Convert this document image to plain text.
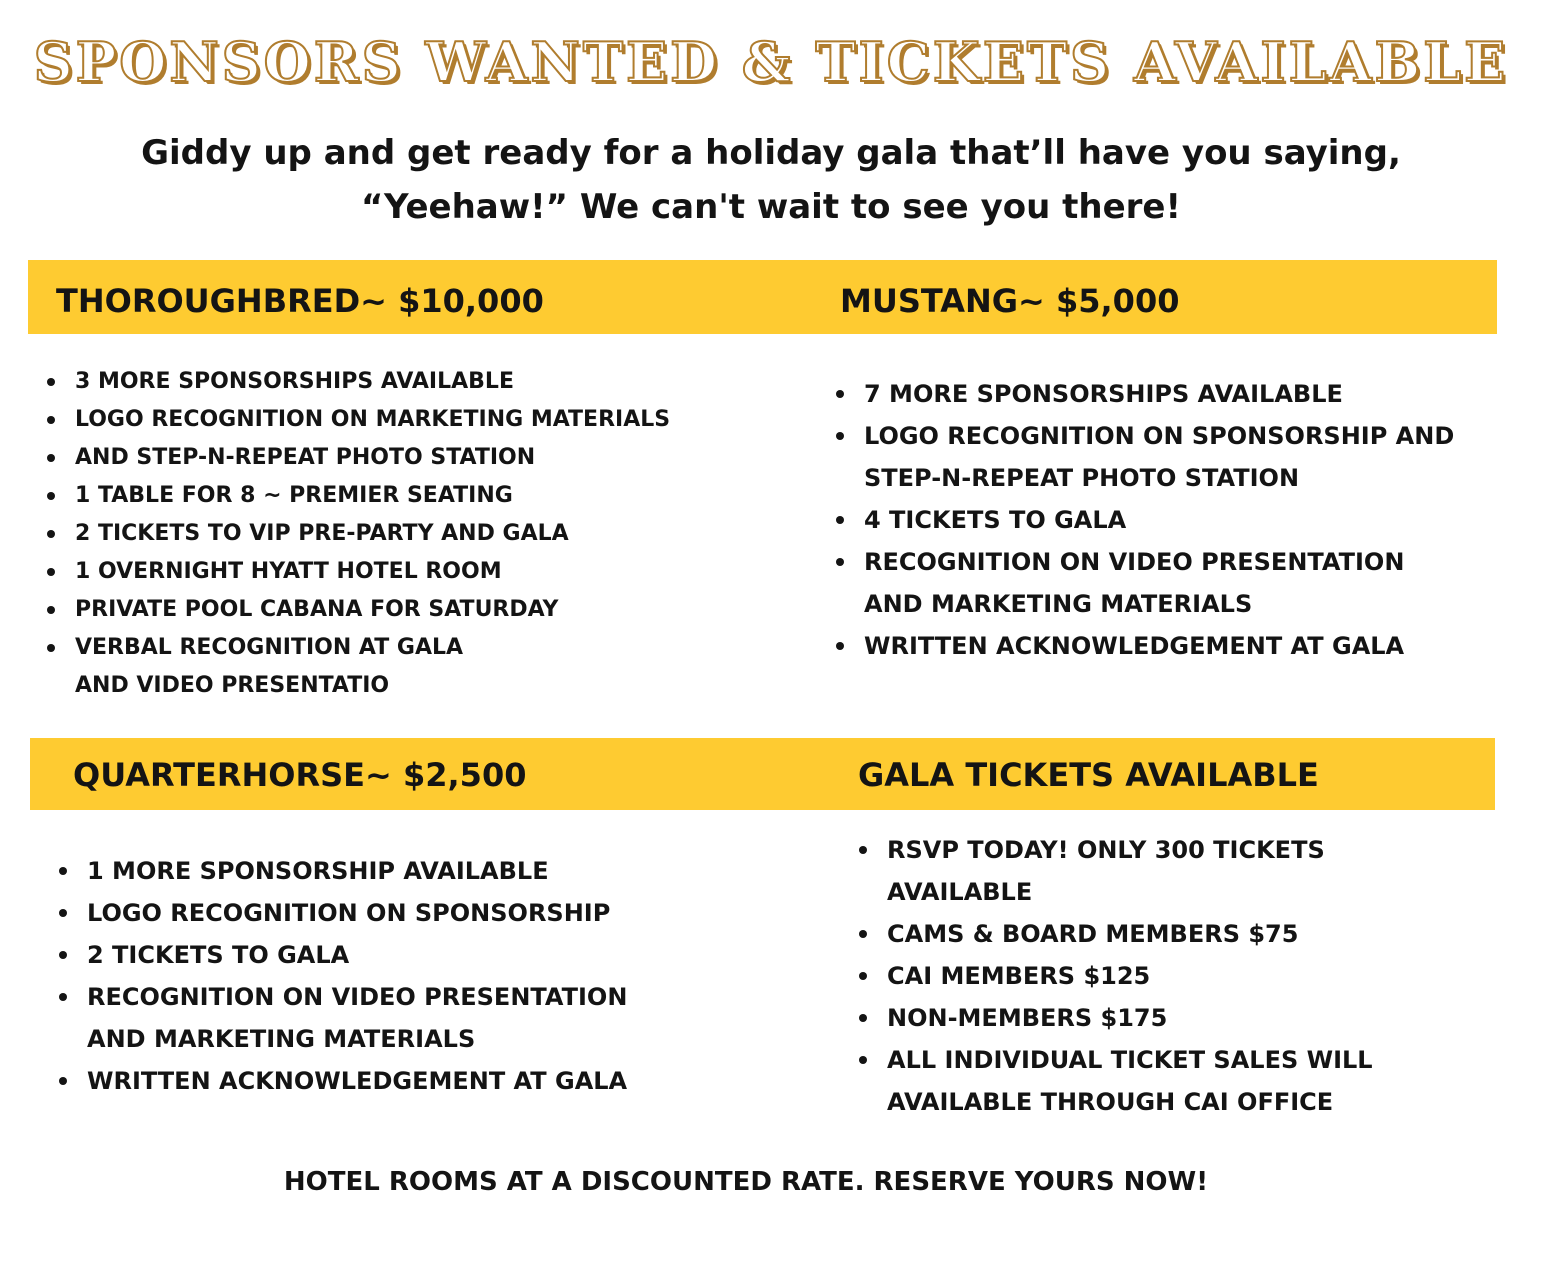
SPONSORS WANTED & TICKETS AVAILABLE

Giddy up and get ready for a holiday gala that’ll have you saying,

“Yeehaw!” We can't wait to see you there!

THOROUGHBRED~ $10,000	MUSTANG~ $5,000
QUARTERHORSE~ $2,500	GALA TICKETS AVAILABLE
3 MORE SPONSORSHIPS AVAILABLE
LOGO RECOGNITION ON MARKETING MATERIALS
AND STEP-N-REPEAT PHOTO STATION
1 TABLE FOR 8 ~ PREMIER SEATING
2 TICKETS TO VIP PRE-PARTY AND GALA
1 OVERNIGHT HYATT HOTEL ROOM
PRIVATE POOL CABANA FOR SATURDAY
VERBAL RECOGNITION AT GALA
AND VIDEO PRESENTATIO
7 MORE SPONSORSHIPS AVAILABLE
LOGO RECOGNITION ON SPONSORSHIP AND
STEP-N-REPEAT PHOTO STATION
4 TICKETS TO GALA
RECOGNITION ON VIDEO PRESENTATION
AND MARKETING MATERIALS
WRITTEN ACKNOWLEDGEMENT AT GALA
1 MORE SPONSORSHIP AVAILABLE
LOGO RECOGNITION ON SPONSORSHIP
2 TICKETS TO GALA
RECOGNITION ON VIDEO PRESENTATION
AND MARKETING MATERIALS
WRITTEN ACKNOWLEDGEMENT AT GALA
RSVP TODAY! ONLY 300 TICKETS
AVAILABLE
CAMS & BOARD MEMBERS $75
CAI MEMBERS $125
NON-MEMBERS $175
ALL INDIVIDUAL TICKET SALES WILL
AVAILABLE THROUGH CAI OFFICE

HOTEL ROOMS AT A DISCOUNTED RATE. RESERVE YOURS NOW!
